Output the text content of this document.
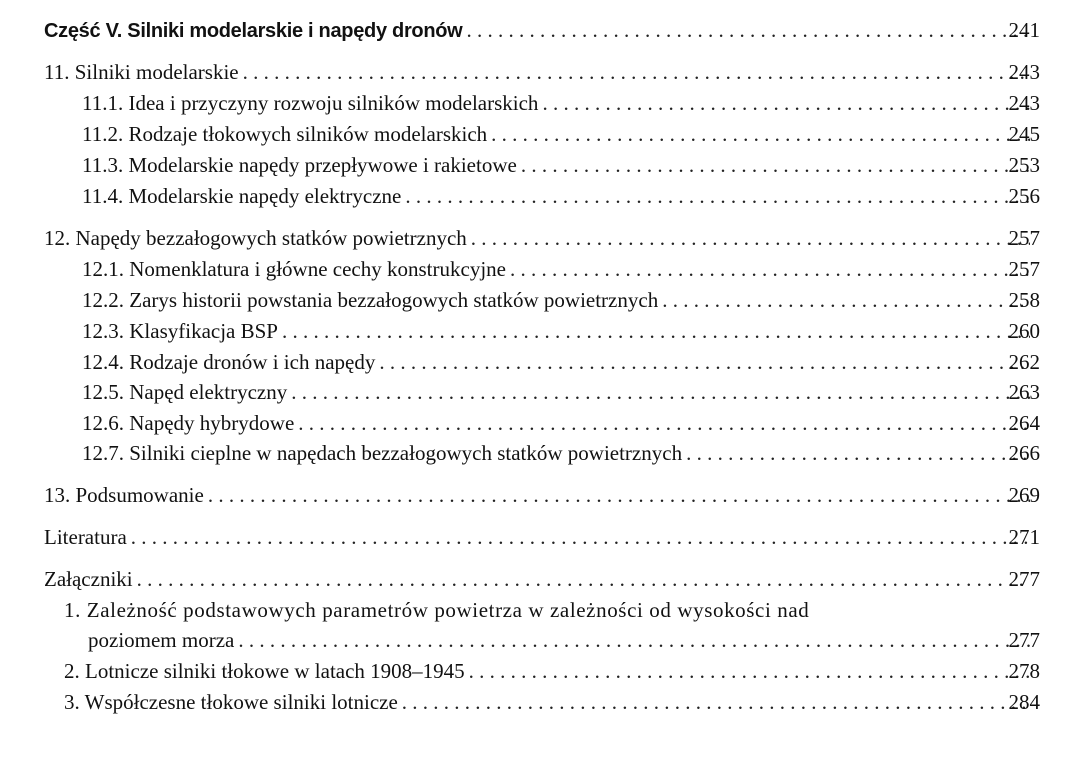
Część V. Silniki modelarskie i napędy dronów . . .	241
11. Silniki modelarskie . . .	243
11.1. Idea i przyczyny rozwoju silników modelarskich . . .	243
11.2. Rodzaje tłokowych silników modelarskich . . .	245
11.3. Modelarskie napędy przepływowe i rakietowe . . .	253
11.4. Modelarskie napędy elektryczne . . .	256
12. Napędy bezzałogowych statków powietrznych . . .	257
12.1. Nomenklatura i główne cechy konstrukcyjne . . .	257
12.2. Zarys historii powstania bezzałogowych statków powietrznych . . .	258
12.3. Klasyfikacja BSP . . .	260
12.4. Rodzaje dronów i ich napędy . . .	262
12.5. Napęd elektryczny . . .	263
12.6. Napędy hybrydowe . . .	264
12.7. Silniki cieplne w napędach bezzałogowych statków powietrznych . . .	266
13. Podsumowanie . . .	269
Literatura . . .	271
Załączniki . . .	277
1. Zależność podstawowych parametrów powietrza w zależności od wysokości nad
poziomem morza . . .	277
2. Lotnicze silniki tłokowe w latach 1908–1945 . . .	278
3. Współczesne tłokowe silniki lotnicze . . .	284
